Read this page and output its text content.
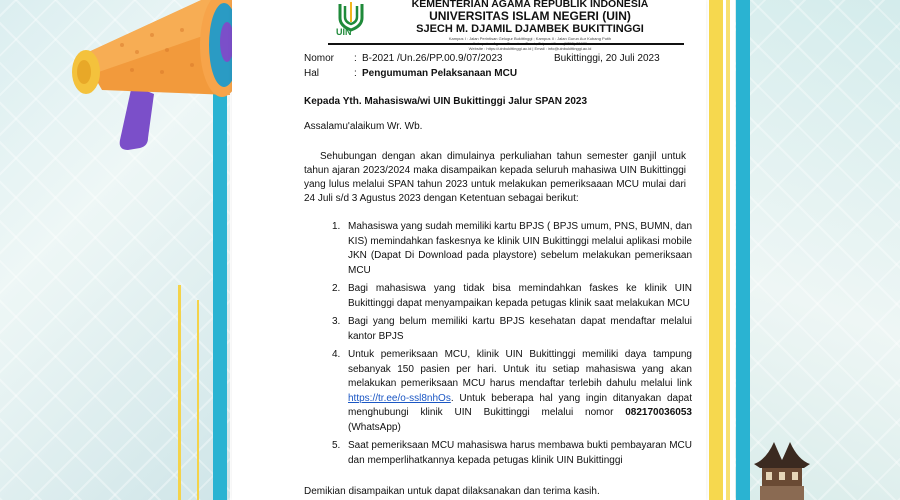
UIN
KEMENTERIAN AGAMA REPUBLIK INDONESIA
UNIVERSITAS ISLAM NEGERI (UIN)
SJECH M. DJAMIL DJAMBEK BUKITTINGGI
Kampus I : Jalan Perintisan Gelugur Bukittinggi ; Kampus II : Jalan Gurun Aur Kubang Putih
Website : https://uinbukittinggi.ac.id | Email : info@uinbukittinggi.ac.id
Nomor : B-2021 /Un.26/PP.00.9/07/2023	Bukittinggi, 20 Juli 2023
Hal	: Pengumuman Pelaksanaan MCU
Kepada Yth. Mahasiswa/wi UIN Bukittinggi Jalur SPAN 2023
Assalamu'alaikum Wr. Wb.
Sehubungan dengan akan dimulainya perkuliahan tahun semester ganjil untuk tahun ajaran 2023/2024 maka disampaikan kepada seluruh mahasiwa UIN Bukittinggi yang lulus melalui SPAN tahun 2023 untuk melakukan pemeriksaaan MCU mulai dari 24 Juli s/d 3 Agustus 2023 dengan Ketentuan sebagai berikut:
1. Mahasiswa yang sudah memiliki kartu BPJS ( BPJS umum, PNS, BUMN, dan KIS) memindahkan faskesnya ke klinik UIN Bukittinggi melalui aplikasi mobile JKN (Dapat Di Download pada playstore) sebelum melakukan pemeriksaan MCU
2. Bagi mahasiswa yang tidak bisa memindahkan faskes ke klinik UIN Bukittinggi dapat menyampaikan kepada petugas klinik saat melakukan MCU
3. Bagi yang belum memiliki kartu BPJS kesehatan dapat mendaftar melalui kantor BPJS
4. Untuk pemeriksaan MCU, klinik UIN Bukittinggi memiliki daya tampung sebanyak 150 pasien per hari. Untuk itu setiap mahasiswa yang akan melakukan pemeriksaan MCU harus mendaftar terlebih dahulu melalui link https://tr.ee/o-ssl8nhOs. Untuk beberapa hal yang ingin ditanyakan dapat menghubungi klinik UIN Bukittinggi melalui nomor 082170036053 (WhatsApp)
5. Saat pemeriksaan MCU mahasiswa harus membawa bukti pembayaran MCU dan memperlihatkannya kepada petugas klinik UIN Bukittinggi
Demikian disampaikan untuk dapat dilaksanakan dan terima kasih.
